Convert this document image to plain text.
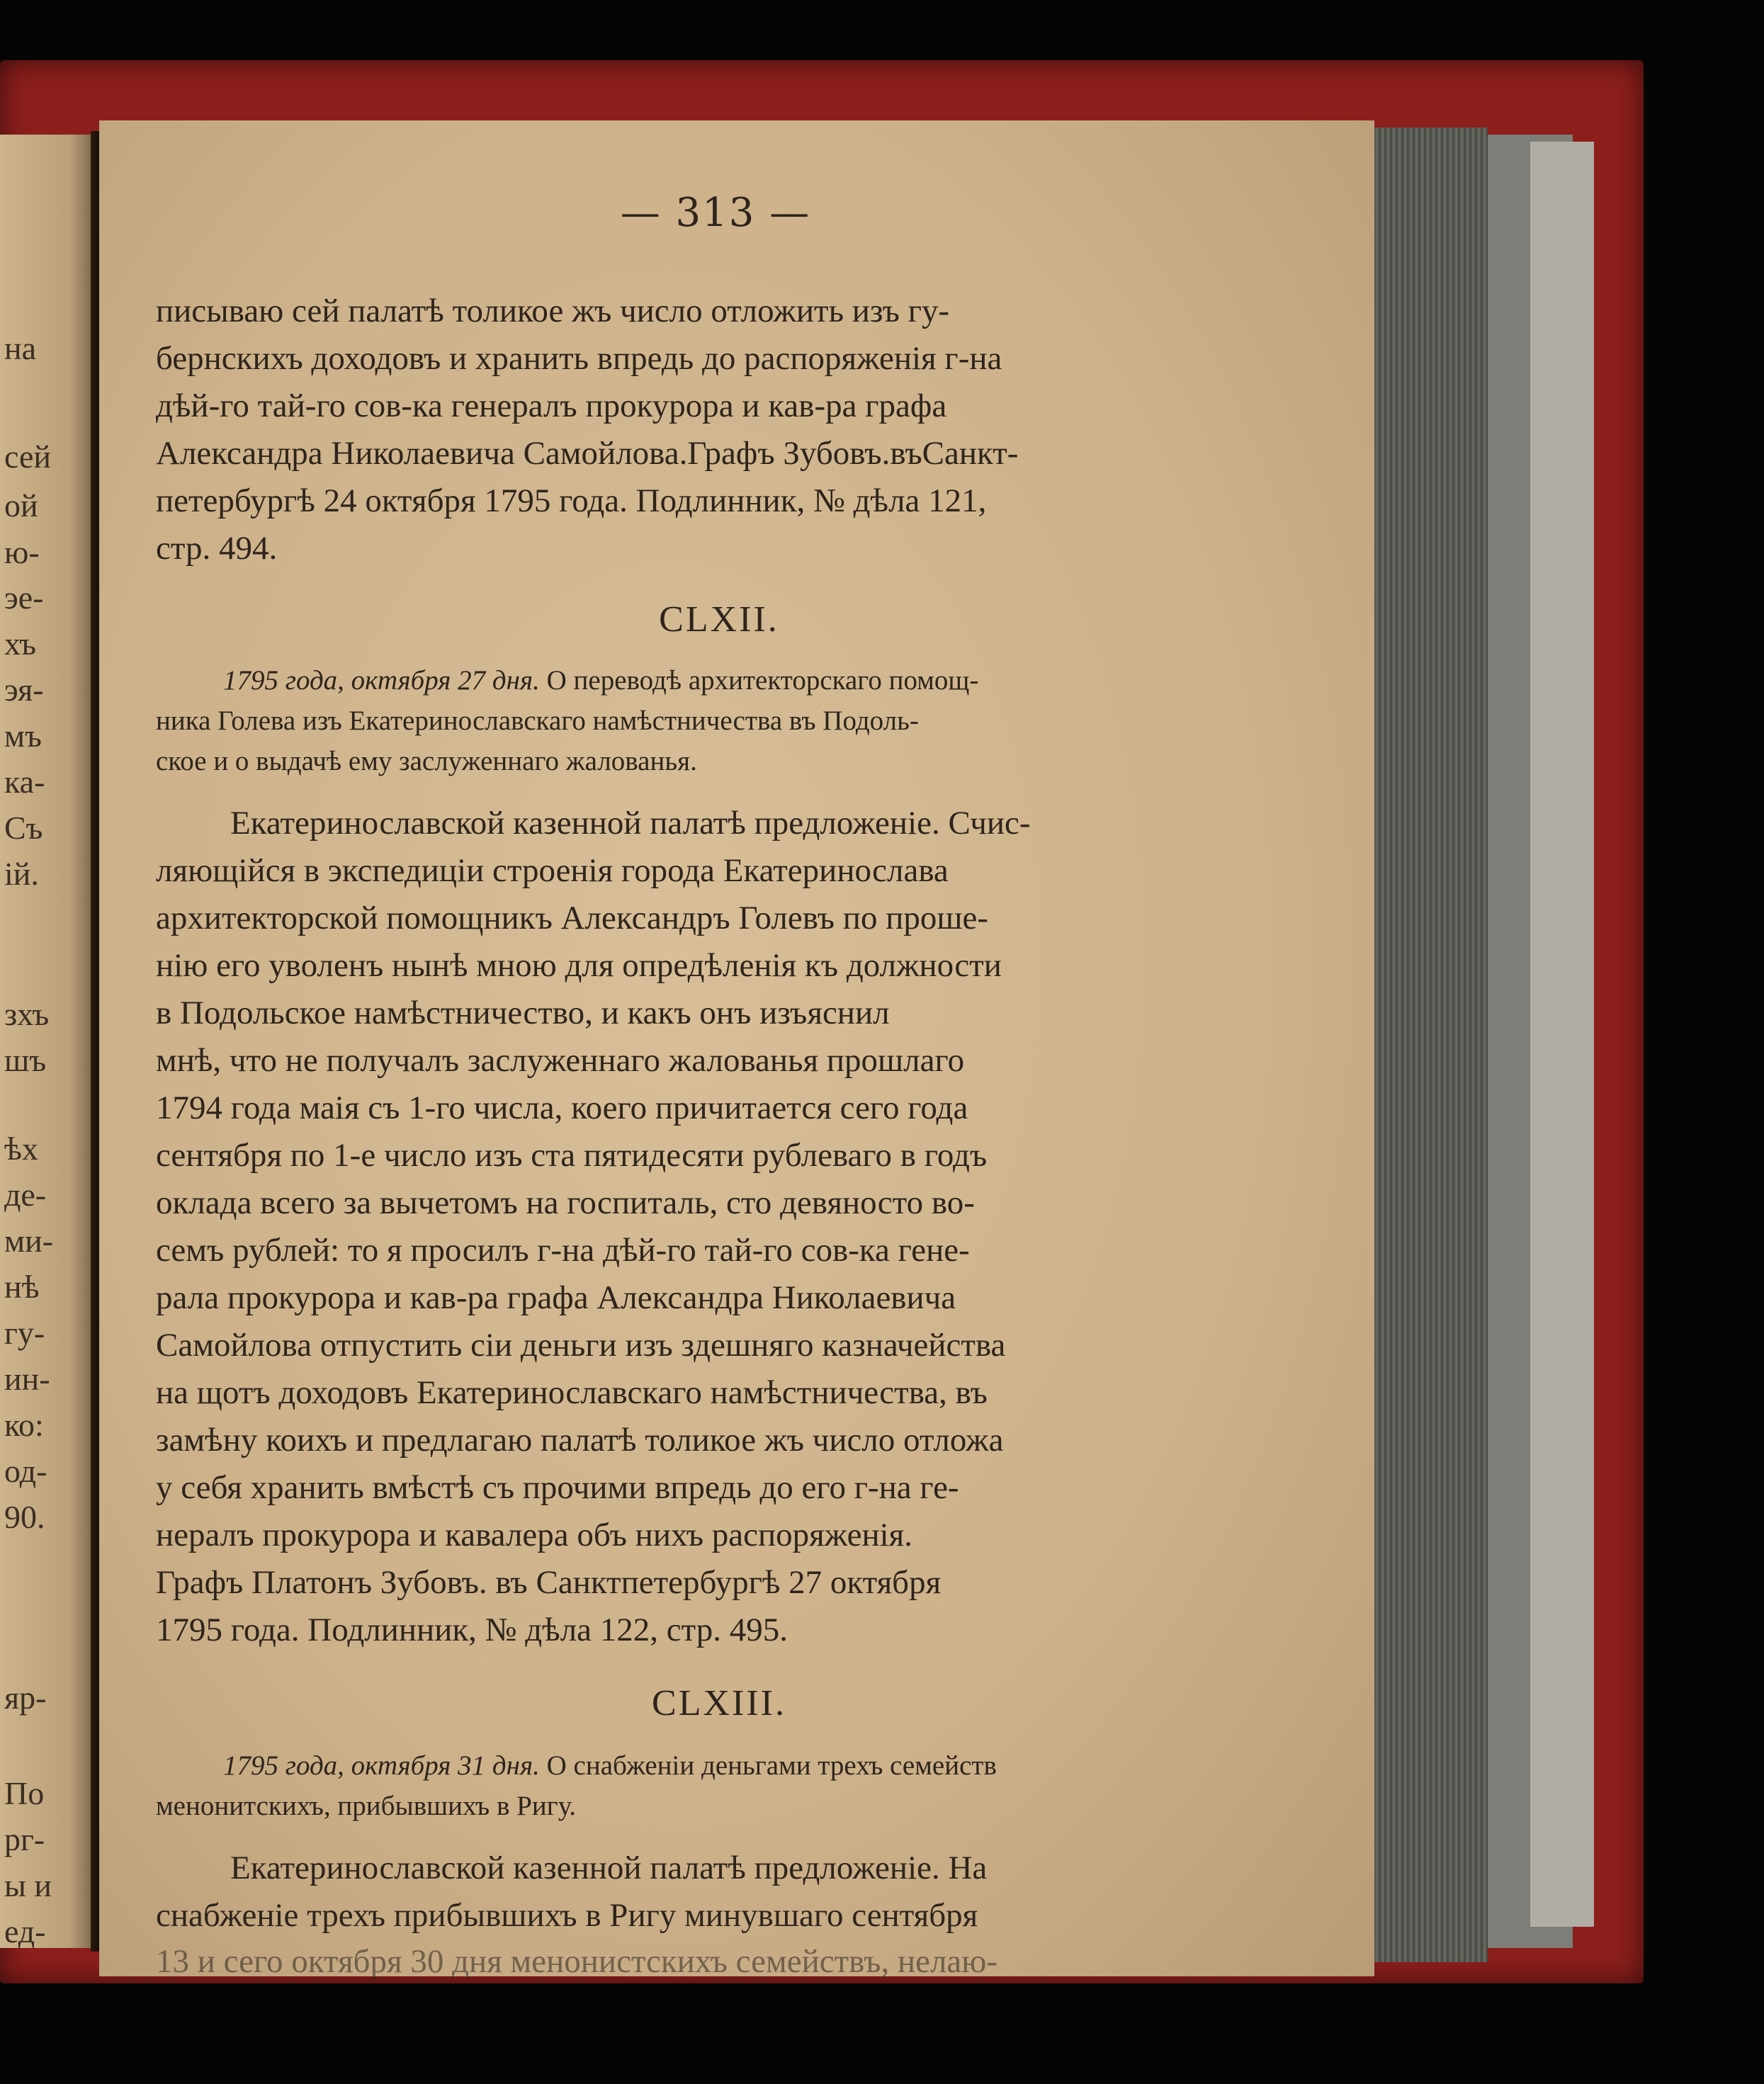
на
сей
ой
ю-
эе-
хъ
эя-
мъ
ка-
Съ
ій.
зхъ
шъ
ѣх
де-
ми-
нѣ
гу-
ин-
ко:
од-
90.
яр-
По
рг-
ы и
ед-
— 313 —
писываю сей палатѣ толикое жъ число отложить изъ гу-
бернскихъ доходовъ и хранить впредь до распоряженія г-на
дѣй-го тай-го сов-ка генералъ прокурора и кав-ра графа
Александра Николаевича Самойлова.Графъ Зубовъ.въСанкт-
петербургѣ 24 октября 1795 года. Подлинник, № дѣла 121,
стр. 494.
CLXII.
1795 года, октября 27 дня. О переводѣ архитекторскаго помощ-
ника Голева изъ Екатеринославскаго намѣстничества въ Подоль-
ское и о выдачѣ ему заслуженнаго жалованья.
Екатеринославской казенной палатѣ предложеніе. Счис-
ляющійся в экспедиціи строенія города Екатеринослава
архитекторской помощникъ Александръ Голевъ по проше-
нію его уволенъ нынѣ мною для опредѣленія къ должности
в Подольское намѣстничество, и какъ онъ изъяснил
мнѣ, что не получалъ заслуженнаго жалованья прошлаго
1794 года маія съ 1-го числа, коего причитается сего года
сентября по 1-е число изъ ста пятидесяти рублеваго в годъ
оклада всего за вычетомъ на госпиталь, сто девяносто во-
семъ рублей: то я просилъ г-на дѣй-го тай-го сов-ка гене-
рала прокурора и кав-ра графа Александра Николаевича
Самойлова отпустить сіи деньги изъ здешняго казначейства
на щотъ доходовъ Екатеринославскаго намѣстничества, въ
замѣну коихъ и предлагаю палатѣ толикое жъ число отложа
у себя хранить вмѣстѣ съ прочими впредь до его г-на ге-
нералъ прокурора и кавалера объ нихъ распоряженія.
Графъ Платонъ Зубовъ. въ Санктпетербургѣ 27 октября
1795 года. Подлинник, № дѣла 122, стр. 495.
CLXIII.
1795 года, октября 31 дня. О снабженіи деньгами трехъ семейств
менонитскихъ, прибывшихъ в Ригу.
Екатеринославской казенной палатѣ предложеніе. На
снабженіе трехъ прибывшихъ в Ригу минувшаго сентября
13 и сего октября 30 дня менонистскихъ семействъ, нелаю-
